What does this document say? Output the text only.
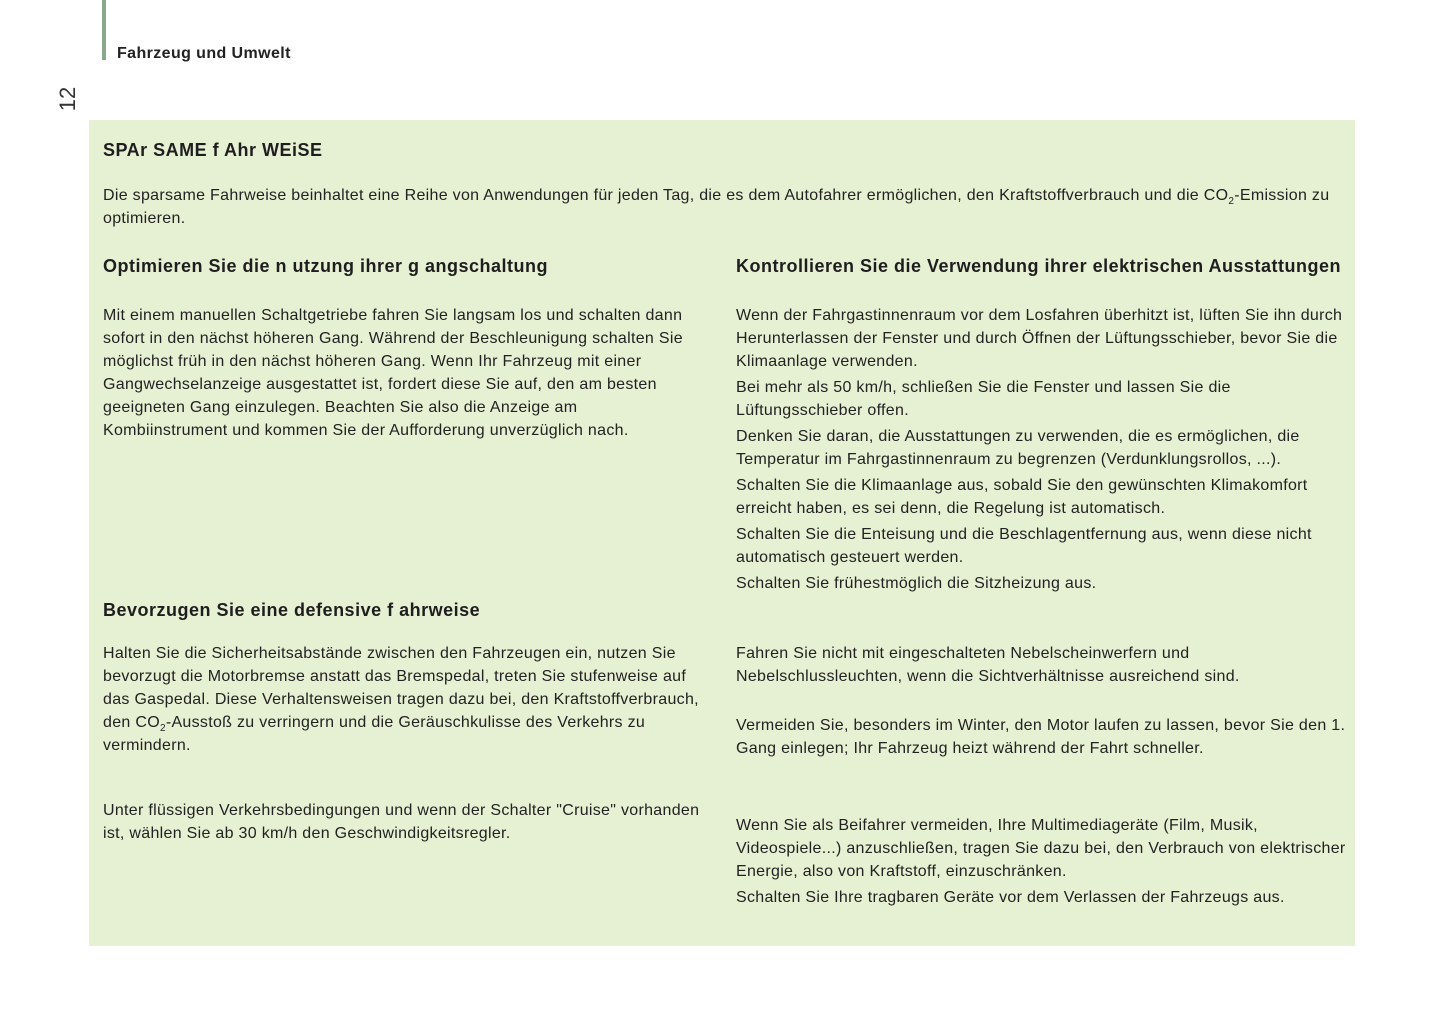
Fahrzeug und Umwelt
12
SPAr SAME f Ahr WEiSE
Die sparsame Fahrweise beinhaltet eine Reihe von Anwendungen für jeden Tag, die es dem Autofahrer ermöglichen, den Kraftstoffverbrauch und die $CO_2$-Emission zu optimieren.
Optimieren Sie die n utzung ihrer g angschaltung

Mit einem manuellen Schaltgetriebe fahren Sie langsam los und schalten dann sofort in den nächst höheren Gang. Während der Beschleunigung schalten Sie möglichst früh in den nächst höheren Gang. Wenn Ihr Fahrzeug mit einer Gangwechselanzeige ausgestattet ist, fordert diese Sie auf, den am besten geeigneten Gang einzulegen. Beachten Sie also die Anzeige am Kombiinstrument und kommen Sie der Aufforderung unverzüglich nach.

Bevorzugen Sie eine defensive f ahrweise

Halten Sie die Sicherheitsabstände zwischen den Fahrzeugen ein, nutzen Sie bevorzugt die Motorbremse anstatt das Bremspedal, treten Sie stufenweise auf das Gaspedal. Diese Verhaltensweisen tragen dazu bei, den Kraftstoffverbrauch, den $CO_2$-Ausstoß zu verringern und die Geräuschkulisse des Verkehrs zu vermindern.

Unter flüssigen Verkehrsbedingungen und wenn der Schalter "Cruise" vorhanden ist, wählen Sie ab 30 km/h den Geschwindigkeitsregler.

Kontrollieren Sie die Verwendung ihrer elektrischen Ausstattungen

Wenn der Fahrgastinnenraum vor dem Losfahren überhitzt ist, lüften Sie ihn durch Herunterlassen der Fenster und durch Öffnen der Lüftungsschieber, bevor Sie die Klimaanlage verwenden.

Bei mehr als 50 km/h, schließen Sie die Fenster und lassen Sie die Lüftungsschieber offen.

Denken Sie daran, die Ausstattungen zu verwenden, die es ermöglichen, die Temperatur im Fahrgastinnenraum zu begrenzen (Verdunklungsrollos, ...).

Schalten Sie die Klimaanlage aus, sobald Sie den gewünschten Klimakomfort erreicht haben, es sei denn, die Regelung ist automatisch.

Schalten Sie die Enteisung und die Beschlagentfernung aus, wenn diese nicht automatisch gesteuert werden.

Schalten Sie frühestmöglich die Sitzheizung aus.

Fahren Sie nicht mit eingeschalteten Nebelscheinwerfern und Nebelschlussleuchten, wenn die Sichtverhältnisse ausreichend sind.

Vermeiden Sie, besonders im Winter, den Motor laufen zu lassen, bevor Sie den 1. Gang einlegen; Ihr Fahrzeug heizt während der Fahrt schneller.

Wenn Sie als Beifahrer vermeiden, Ihre Multimediageräte (Film, Musik, Videospiele...) anzuschließen, tragen Sie dazu bei, den Verbrauch von elektrischer Energie, also von Kraftstoff, einzuschränken.

Schalten Sie Ihre tragbaren Geräte vor dem Verlassen der Fahrzeugs aus.
